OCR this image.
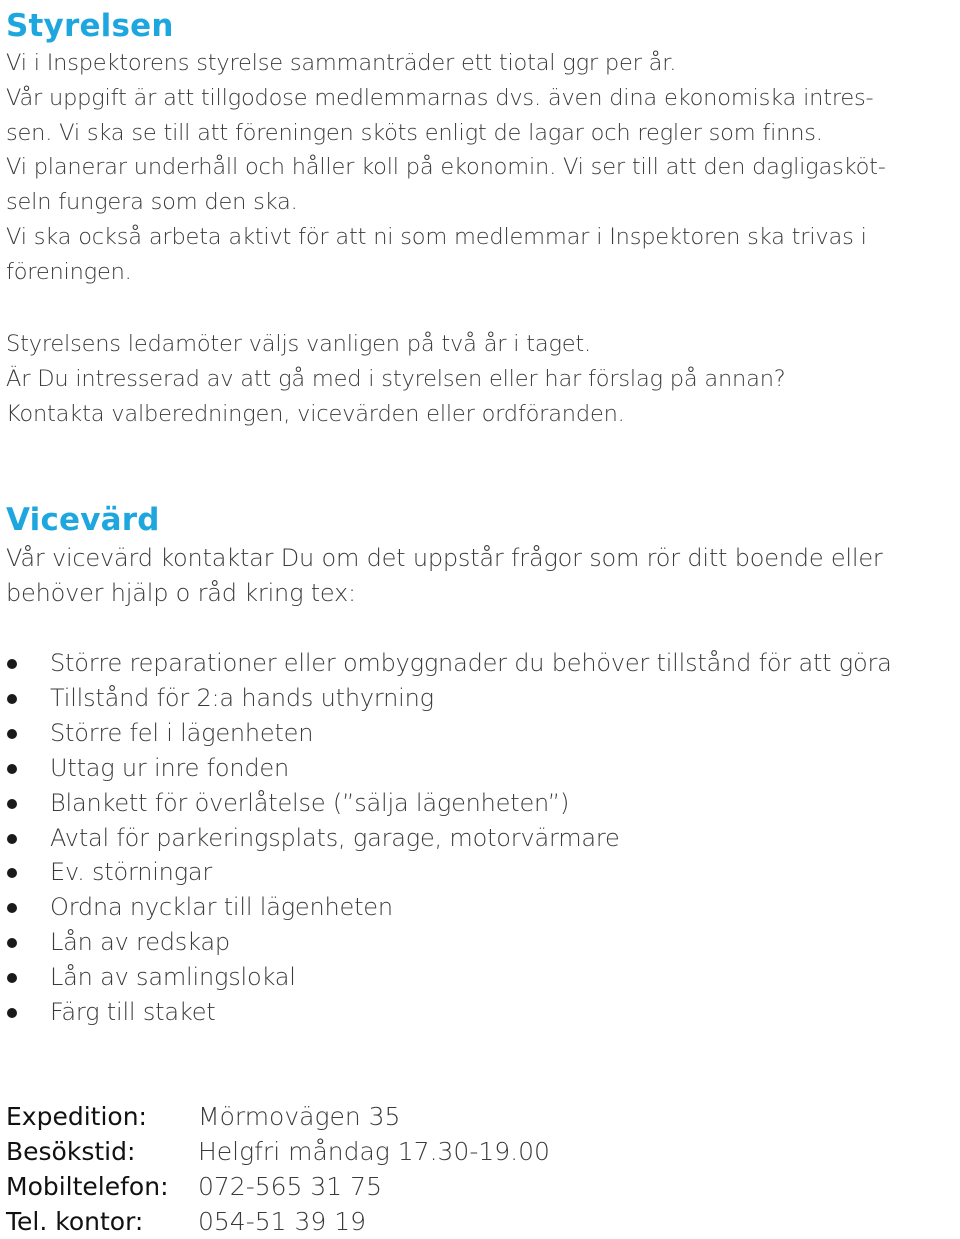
Styrelsen
Vi i Inspektorens styrelse sammanträder ett tiotal ggr per år.
Vår uppgift är att tillgodose medlemmarnas dvs. även dina ekonomiska intres-
sen. Vi ska se till att föreningen sköts enligt de lagar och regler som finns.
Vi planerar underhåll och håller koll på ekonomin. Vi ser till att den dagligasköt-
seln fungera som den ska.
Vi ska också arbeta aktivt för att ni som medlemmar i Inspektoren ska trivas i
föreningen.
Styrelsens ledamöter väljs vanligen på två år i taget.
Är Du intresserad av att gå med i styrelsen eller har förslag på annan?
Kontakta valberedningen, vicevärden eller ordföranden.
Vicevärd
Vår vicevärd kontaktar Du om det uppstår frågor som rör ditt boende eller
behöver hjälp o råd kring tex:
Större reparationer eller ombyggnader du behöver tillstånd för att göra
Tillstånd för 2:a hands uthyrning
Större fel i lägenheten
Uttag ur inre fonden
Blankett för överlåtelse (”sälja lägenheten”)
Avtal för parkeringsplats, garage, motorvärmare
Ev. störningar
Ordna nycklar till lägenheten
Lån av redskap
Lån av samlingslokal
Färg till staket
Expedition:	Mörmovägen 35
Besökstid:	Helgfri måndag 17.30-19.00
Mobiltelefon:	072-565 31 75
Tel. kontor:	054-51 39 19
